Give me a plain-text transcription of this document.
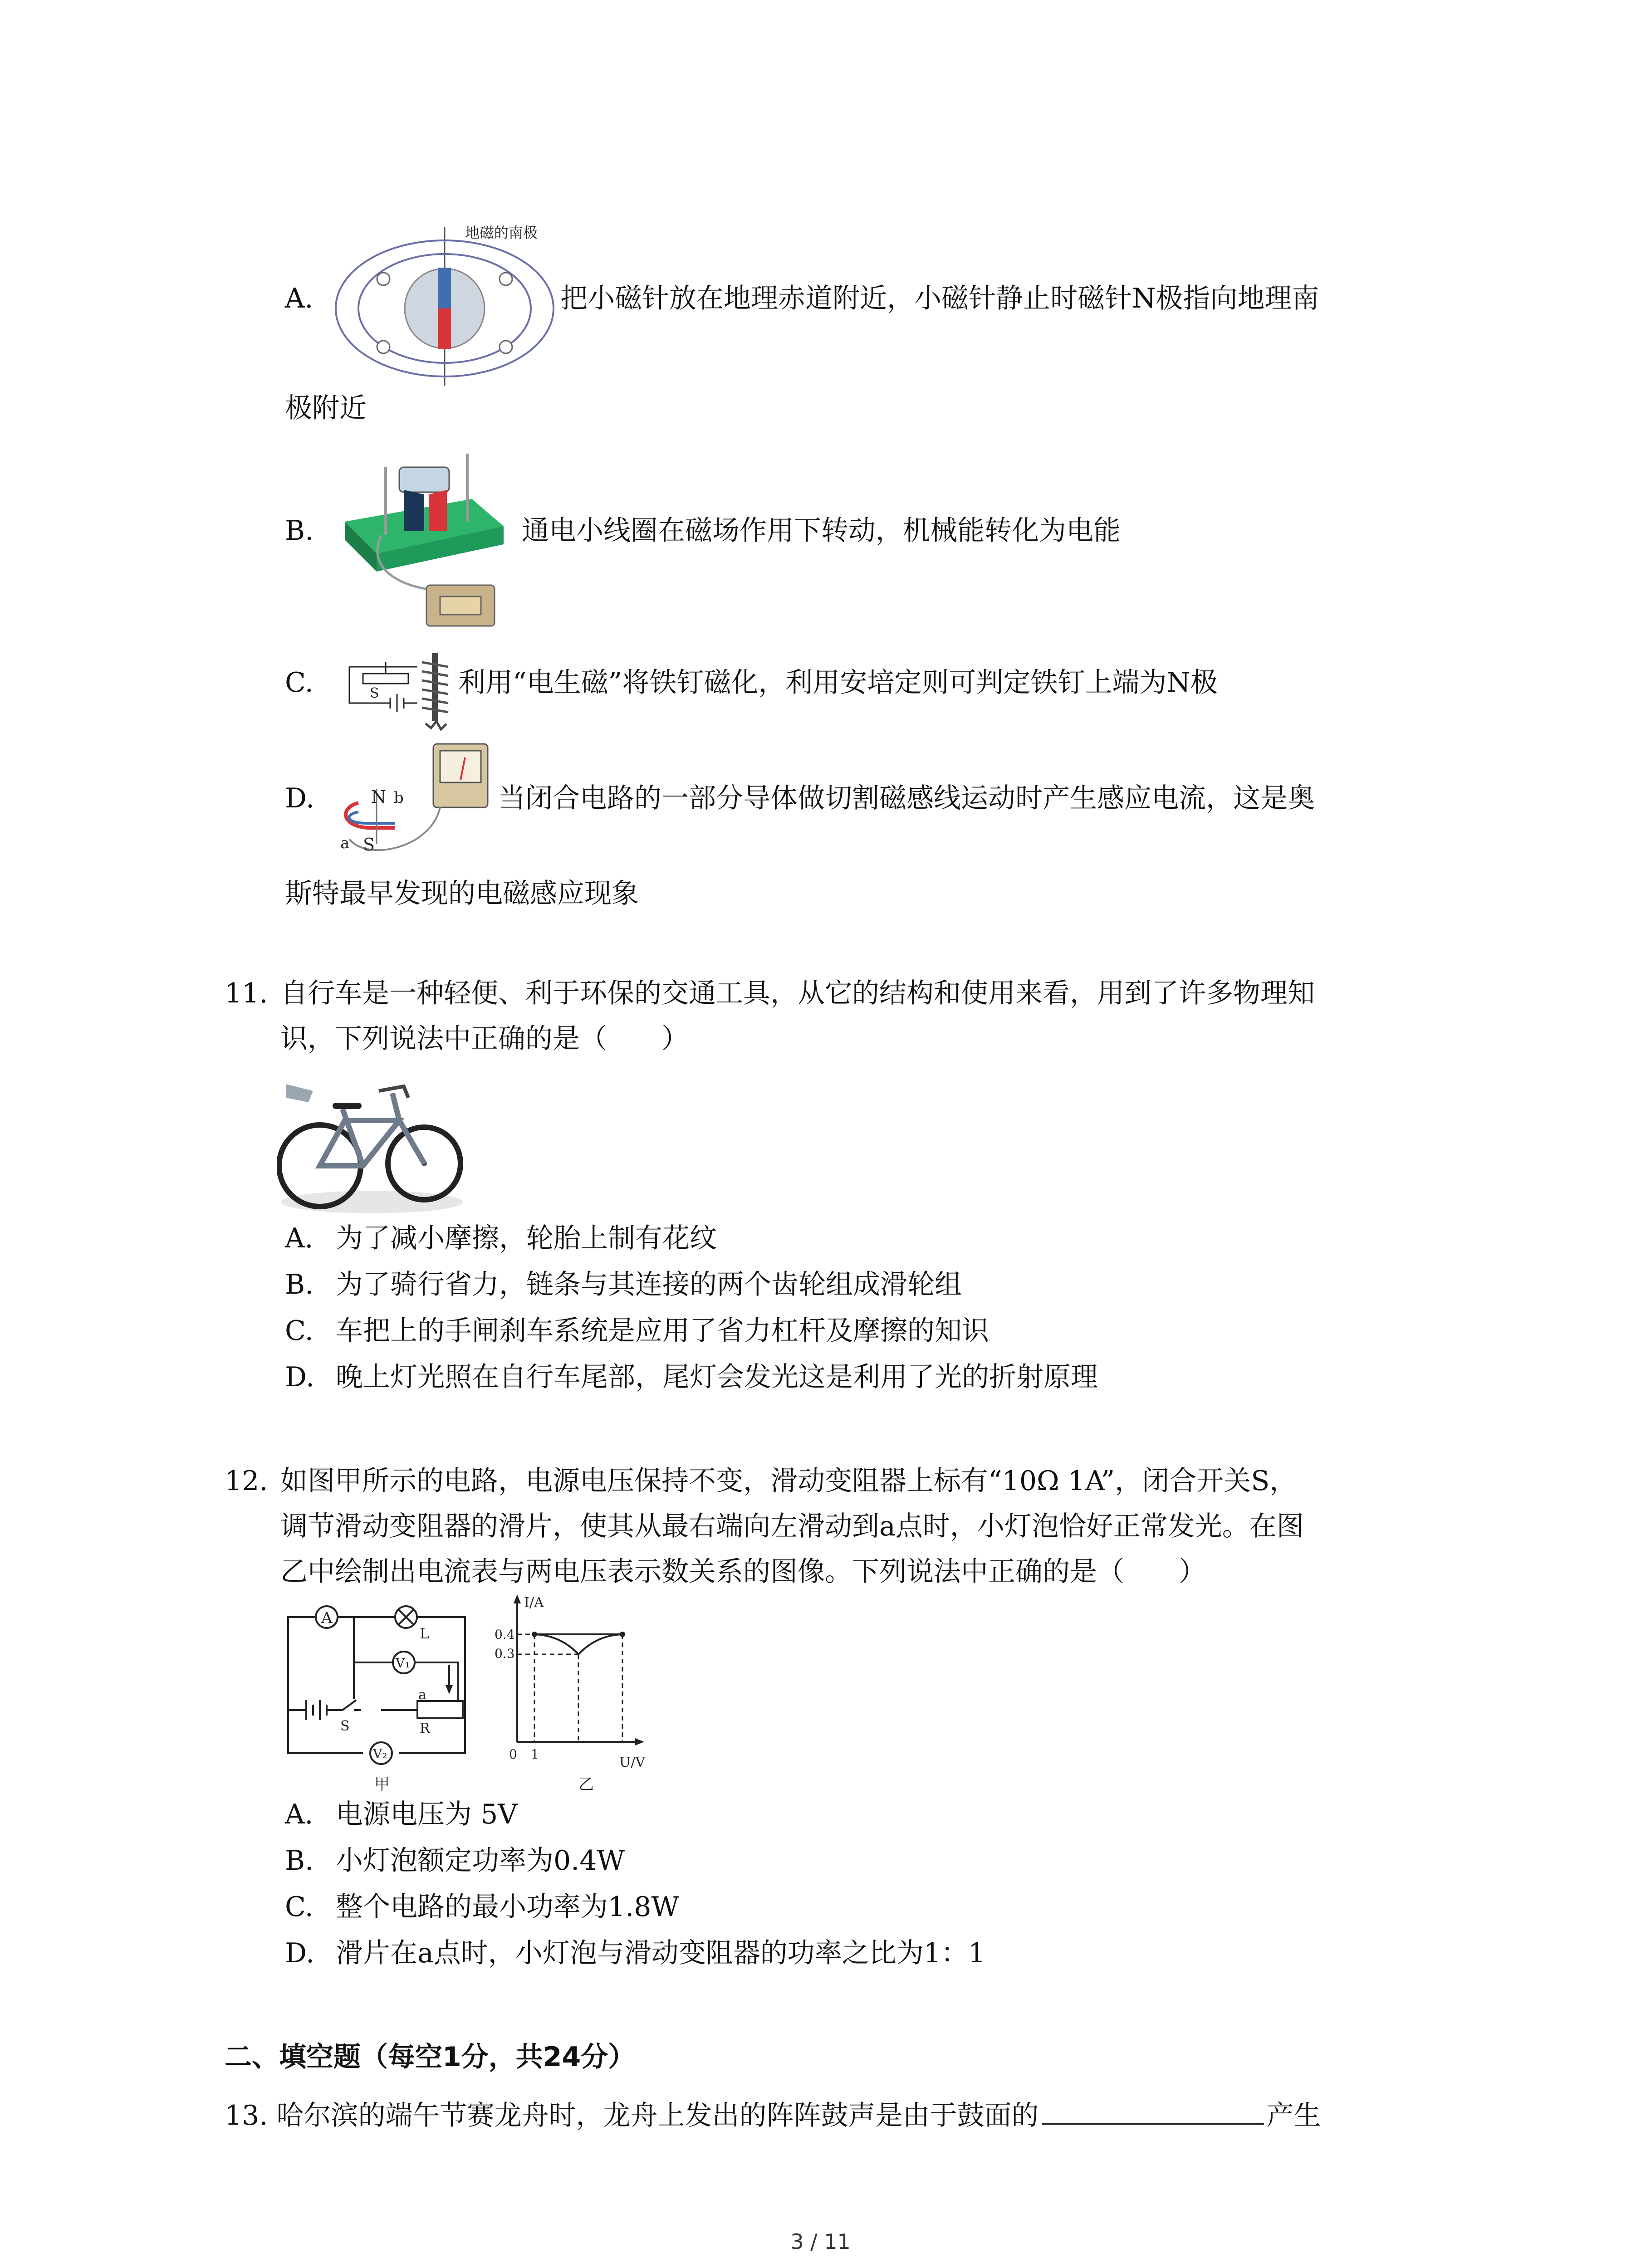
A.
地磁的南极
把小磁针放在地理赤道附近，小磁针静止时磁针N极指向地理南
极附近
B.	通电小线圈在磁场作用下转动，机械能转化为电能
C.	S	利用“电生磁”将铁钉磁化，利用安培定则可判定铁钉上端为N极
D.	N b
a S
当闭合电路的一部分导体做切割磁感线运动时产生感应电流，这是奥
斯特最早发现的电磁感应现象
11. 自行车是一种轻便、利于环保的交通工具，从它的结构和使用来看，用到了许多物理知
识，下列说法中正确的是（　　）
A. 为了减小摩擦，轮胎上制有花纹
B. 为了骑行省力，链条与其连接的两个齿轮组成滑轮组
C. 车把上的手闸刹车系统是应用了省力杠杆及摩擦的知识
D. 晚上灯光照在自行车尾部，尾灯会发光这是利用了光的折射原理
12. 如图甲所示的电路，电源电压保持不变，滑动变阻器上标有“10Ω 1A”，闭合开关S，
调节滑动变阻器的滑片，使其从最右端向左滑动到a点时，小灯泡恰好正常发光。在图
乙中绘制出电流表与两电压表示数关系的图像。下列说法中正确的是（　　）
A
L
V₁
a
R
S
V₂
甲
I/A
U/V
0.4
0.3
0 1
乙
A. 电源电压为 5V
B. 小灯泡额定功率为0.4W
C. 整个电路的最小功率为1.8W
D. 滑片在a点时，小灯泡与滑动变阻器的功率之比为1：1
二、填空题（每空1分，共24分）
13. 哈尔滨的端午节赛龙舟时，龙舟上发出的阵阵鼓声是由于鼓面的	产生
3 / 11
